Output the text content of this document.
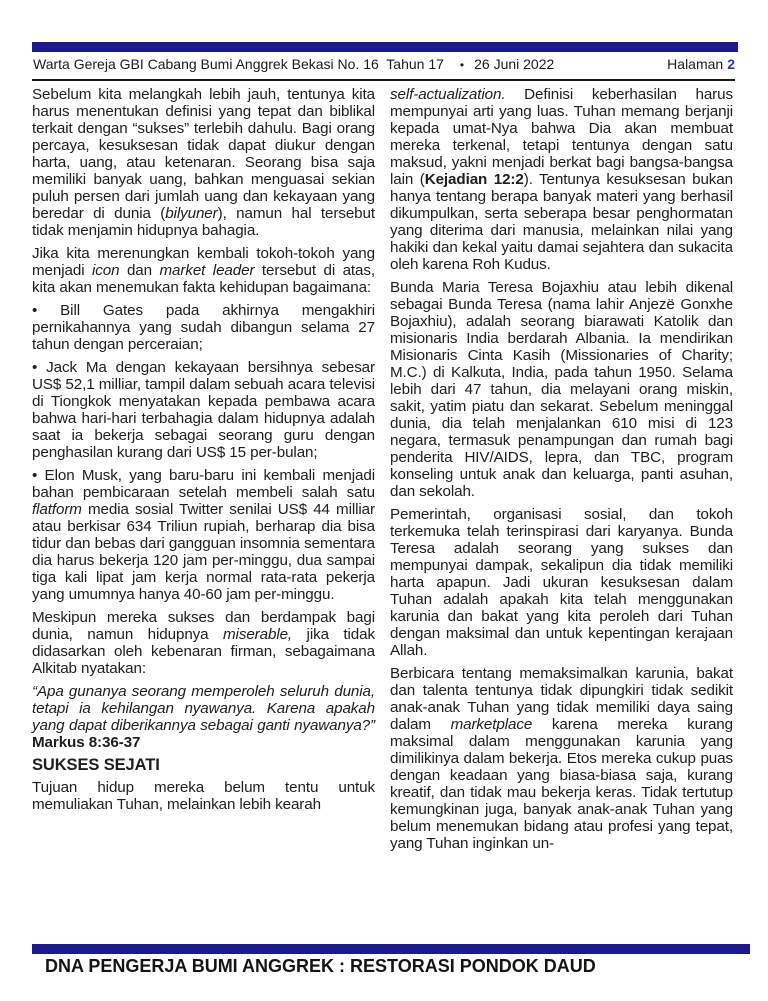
Warta Gereja GBI Cabang Bumi Anggrek Bekasi No. 16  Tahun 17 • 26 Juni 2022	Halaman 2

Sebelum kita melangkah lebih jauh, tentunya kita harus menentukan definisi yang tepat dan biblikal terkait dengan “sukses” terlebih dahulu. Bagi orang percaya, kesuksesan tidak dapat diukur dengan harta, uang, atau ketenaran. Seorang bisa saja memiliki banyak uang, bahkan menguasai sekian puluh persen dari jumlah uang dan kekayaan yang beredar di dunia (bilyuner), namun hal tersebut tidak menjamin hidupnya bahagia.

Jika kita merenungkan kembali tokoh-tokoh yang menjadi icon dan market leader tersebut di atas, kita akan menemukan fakta kehidupan bagaimana:

• Bill Gates pada akhirnya mengakhiri pernikahannya yang sudah dibangun selama 27 tahun dengan perceraian;

• Jack Ma dengan kekayaan bersihnya sebesar US$ 52,1 milliar, tampil dalam sebuah acara televisi di Tiongkok menyatakan kepada pembawa acara bahwa hari-hari terbahagia dalam hidupnya adalah saat ia bekerja sebagai seorang guru dengan penghasilan kurang dari US$ 15 per-bulan;

• Elon Musk, yang baru-baru ini kembali menjadi bahan pembicaraan setelah membeli salah satu flatform media sosial Twitter senilai US$ 44 milliar atau berkisar 634 Triliun rupiah, berharap dia bisa tidur dan bebas dari gangguan insomnia sementara dia harus bekerja 120 jam per-minggu, dua sampai tiga kali lipat jam kerja normal rata-rata pekerja yang umumnya hanya 40-60 jam per-minggu.

Meskipun mereka sukses dan berdampak bagi dunia, namun hidupnya miserable, jika tidak didasarkan oleh kebenaran firman, sebagaimana Alkitab nyatakan:

“Apa gunanya seorang memperoleh seluruh dunia, tetapi ia kehilangan nyawanya. Karena apakah yang dapat diberikannya sebagai ganti nyawanya?” Markus 8:36-37

SUKSES SEJATI

Tujuan hidup mereka belum tentu untuk memuliakan Tuhan, melainkan lebih kearah

self-actualization. Definisi keberhasilan harus mempunyai arti yang luas. Tuhan memang berjanji kepada umat-Nya bahwa Dia akan membuat mereka terkenal, tetapi tentunya dengan satu maksud, yakni menjadi berkat bagi bangsa-bangsa lain (Kejadian 12:2). Tentunya kesuksesan bukan hanya tentang berapa banyak materi yang berhasil dikumpulkan, serta seberapa besar penghormatan yang diterima dari manusia, melainkan nilai yang hakiki dan kekal yaitu damai sejahtera dan sukacita oleh karena Roh Kudus.

Bunda Maria Teresa Bojaxhiu atau lebih dikenal sebagai Bunda Teresa (nama lahir Anjezë Gonxhe Bojaxhiu), adalah seorang biarawati Katolik dan misionaris India berdarah Albania. Ia mendirikan Misionaris Cinta Kasih (Missionaries of Charity; M.C.) di Kalkuta, India, pada tahun 1950. Selama lebih dari 47 tahun, dia melayani orang miskin, sakit, yatim piatu dan sekarat. Sebelum meninggal dunia, dia telah menjalankan 610 misi di 123 negara, termasuk penampungan dan rumah bagi penderita HIV/AIDS, lepra, dan TBC, program konseling untuk anak dan keluarga, panti asuhan, dan sekolah.

Pemerintah, organisasi sosial, dan tokoh terkemuka telah terinspirasi dari karyanya. Bunda Teresa adalah seorang yang sukses dan mempunyai dampak, sekalipun dia tidak memiliki harta apapun. Jadi ukuran kesuksesan dalam Tuhan adalah apakah kita telah menggunakan karunia dan bakat yang kita peroleh dari Tuhan dengan maksimal dan untuk kepentingan kerajaan Allah.

Berbicara tentang memaksimalkan karunia, bakat dan talenta tentunya tidak dipungkiri tidak sedikit anak-anak Tuhan yang tidak memiliki daya saing dalam marketplace karena mereka kurang maksimal dalam menggunakan karunia yang dimilikinya dalam bekerja. Etos mereka cukup puas dengan keadaan yang biasa-biasa saja, kurang kreatif, dan tidak mau bekerja keras. Tidak tertutup kemungkinan juga, banyak anak-anak Tuhan yang belum menemukan bidang atau profesi yang tepat, yang Tuhan inginkan un-

DNA PENGERJA BUMI ANGGREK : RESTORASI PONDOK DAUD
